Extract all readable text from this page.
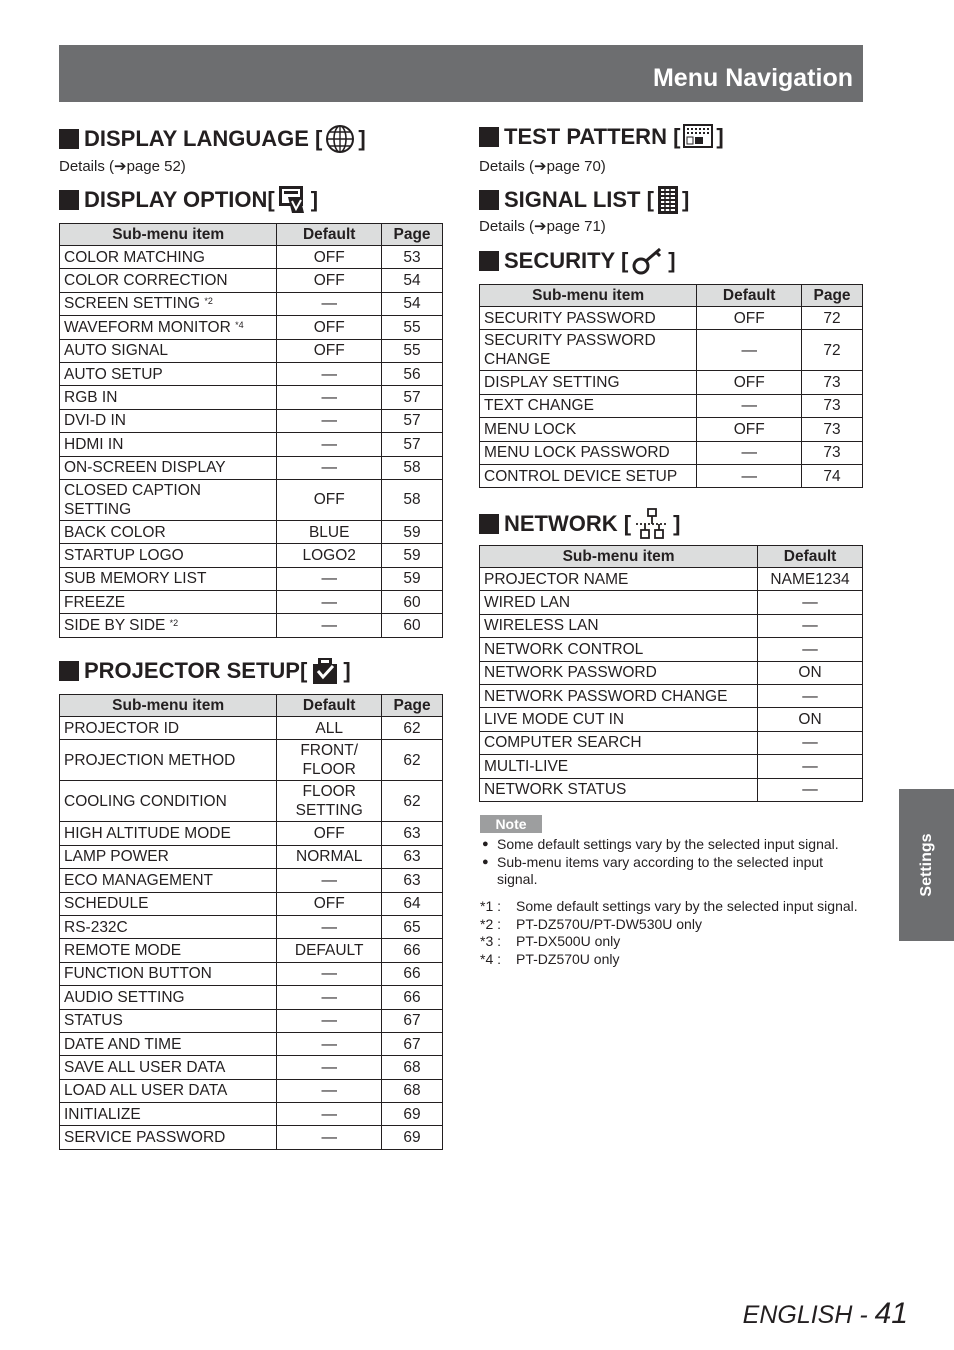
Menu Navigation
DISPLAY LANGUAGE [ ]
Details (➔page 52)
DISPLAY OPTION[ ]
Sub-menu item	Default	Page
COLOR MATCHING	OFF	53
COLOR CORRECTION	OFF	54
SCREEN SETTING $^{*2}$	—	54
WAVEFORM MONITOR $^{*4}$	OFF	55
AUTO SIGNAL	OFF	55
AUTO SETUP	—	56
RGB IN	—	57
DVI-D IN	—	57
HDMI IN	—	57
ON-SCREEN DISPLAY	—	58
CLOSED CAPTION SETTING	OFF	58
BACK COLOR	BLUE	59
STARTUP LOGO	LOGO2	59
SUB MEMORY LIST	—	59
FREEZE	—	60
SIDE BY SIDE $^{*2}$	—	60
PROJECTOR SETUP[ ]
Sub-menu item	Default	Page
PROJECTOR ID	ALL	62
PROJECTION METHOD	FRONT/ FLOOR	62
COOLING CONDITION	FLOOR SETTING	62
HIGH ALTITUDE MODE	OFF	63
LAMP POWER	NORMAL	63
ECO MANAGEMENT	—	63
SCHEDULE	OFF	64
RS-232C	—	65
REMOTE MODE	DEFAULT	66
FUNCTION BUTTON	—	66
AUDIO SETTING	—	66
STATUS	—	67
DATE AND TIME	—	67
SAVE ALL USER DATA	—	68
LOAD ALL USER DATA	—	68
INITIALIZE	—	69
SERVICE PASSWORD	—	69
TEST PATTERN [ ]
Details (➔page 70)
SIGNAL LIST [ ]
Details (➔page 71)
SECURITY [ ]
Sub-menu item	Default	Page
SECURITY PASSWORD	OFF	72
SECURITY PASSWORD CHANGE	—	72
DISPLAY SETTING	OFF	73
TEXT CHANGE	—	73
MENU LOCK	OFF	73
MENU LOCK PASSWORD	—	73
CONTROL DEVICE SETUP	—	74
NETWORK [ ]
Sub-menu item	Default
PROJECTOR NAME	NAME1234
WIRED LAN	—
WIRELESS LAN	—
NETWORK CONTROL	—
NETWORK PASSWORD	ON
NETWORK PASSWORD CHANGE	—
LIVE MODE CUT IN	ON
COMPUTER SEARCH	—
MULTI-LIVE	—
NETWORK STATUS	—
Note
● Some default settings vary by the selected input signal.
● Sub-menu items vary according to the selected input signal.
*1 :	Some default settings vary by the selected input signal.
*2 :	PT-DZ570U/PT-DW530U only
*3 :	PT-DX500U only
*4 :	PT-DZ570U only
Settings
ENGLISH - 41
